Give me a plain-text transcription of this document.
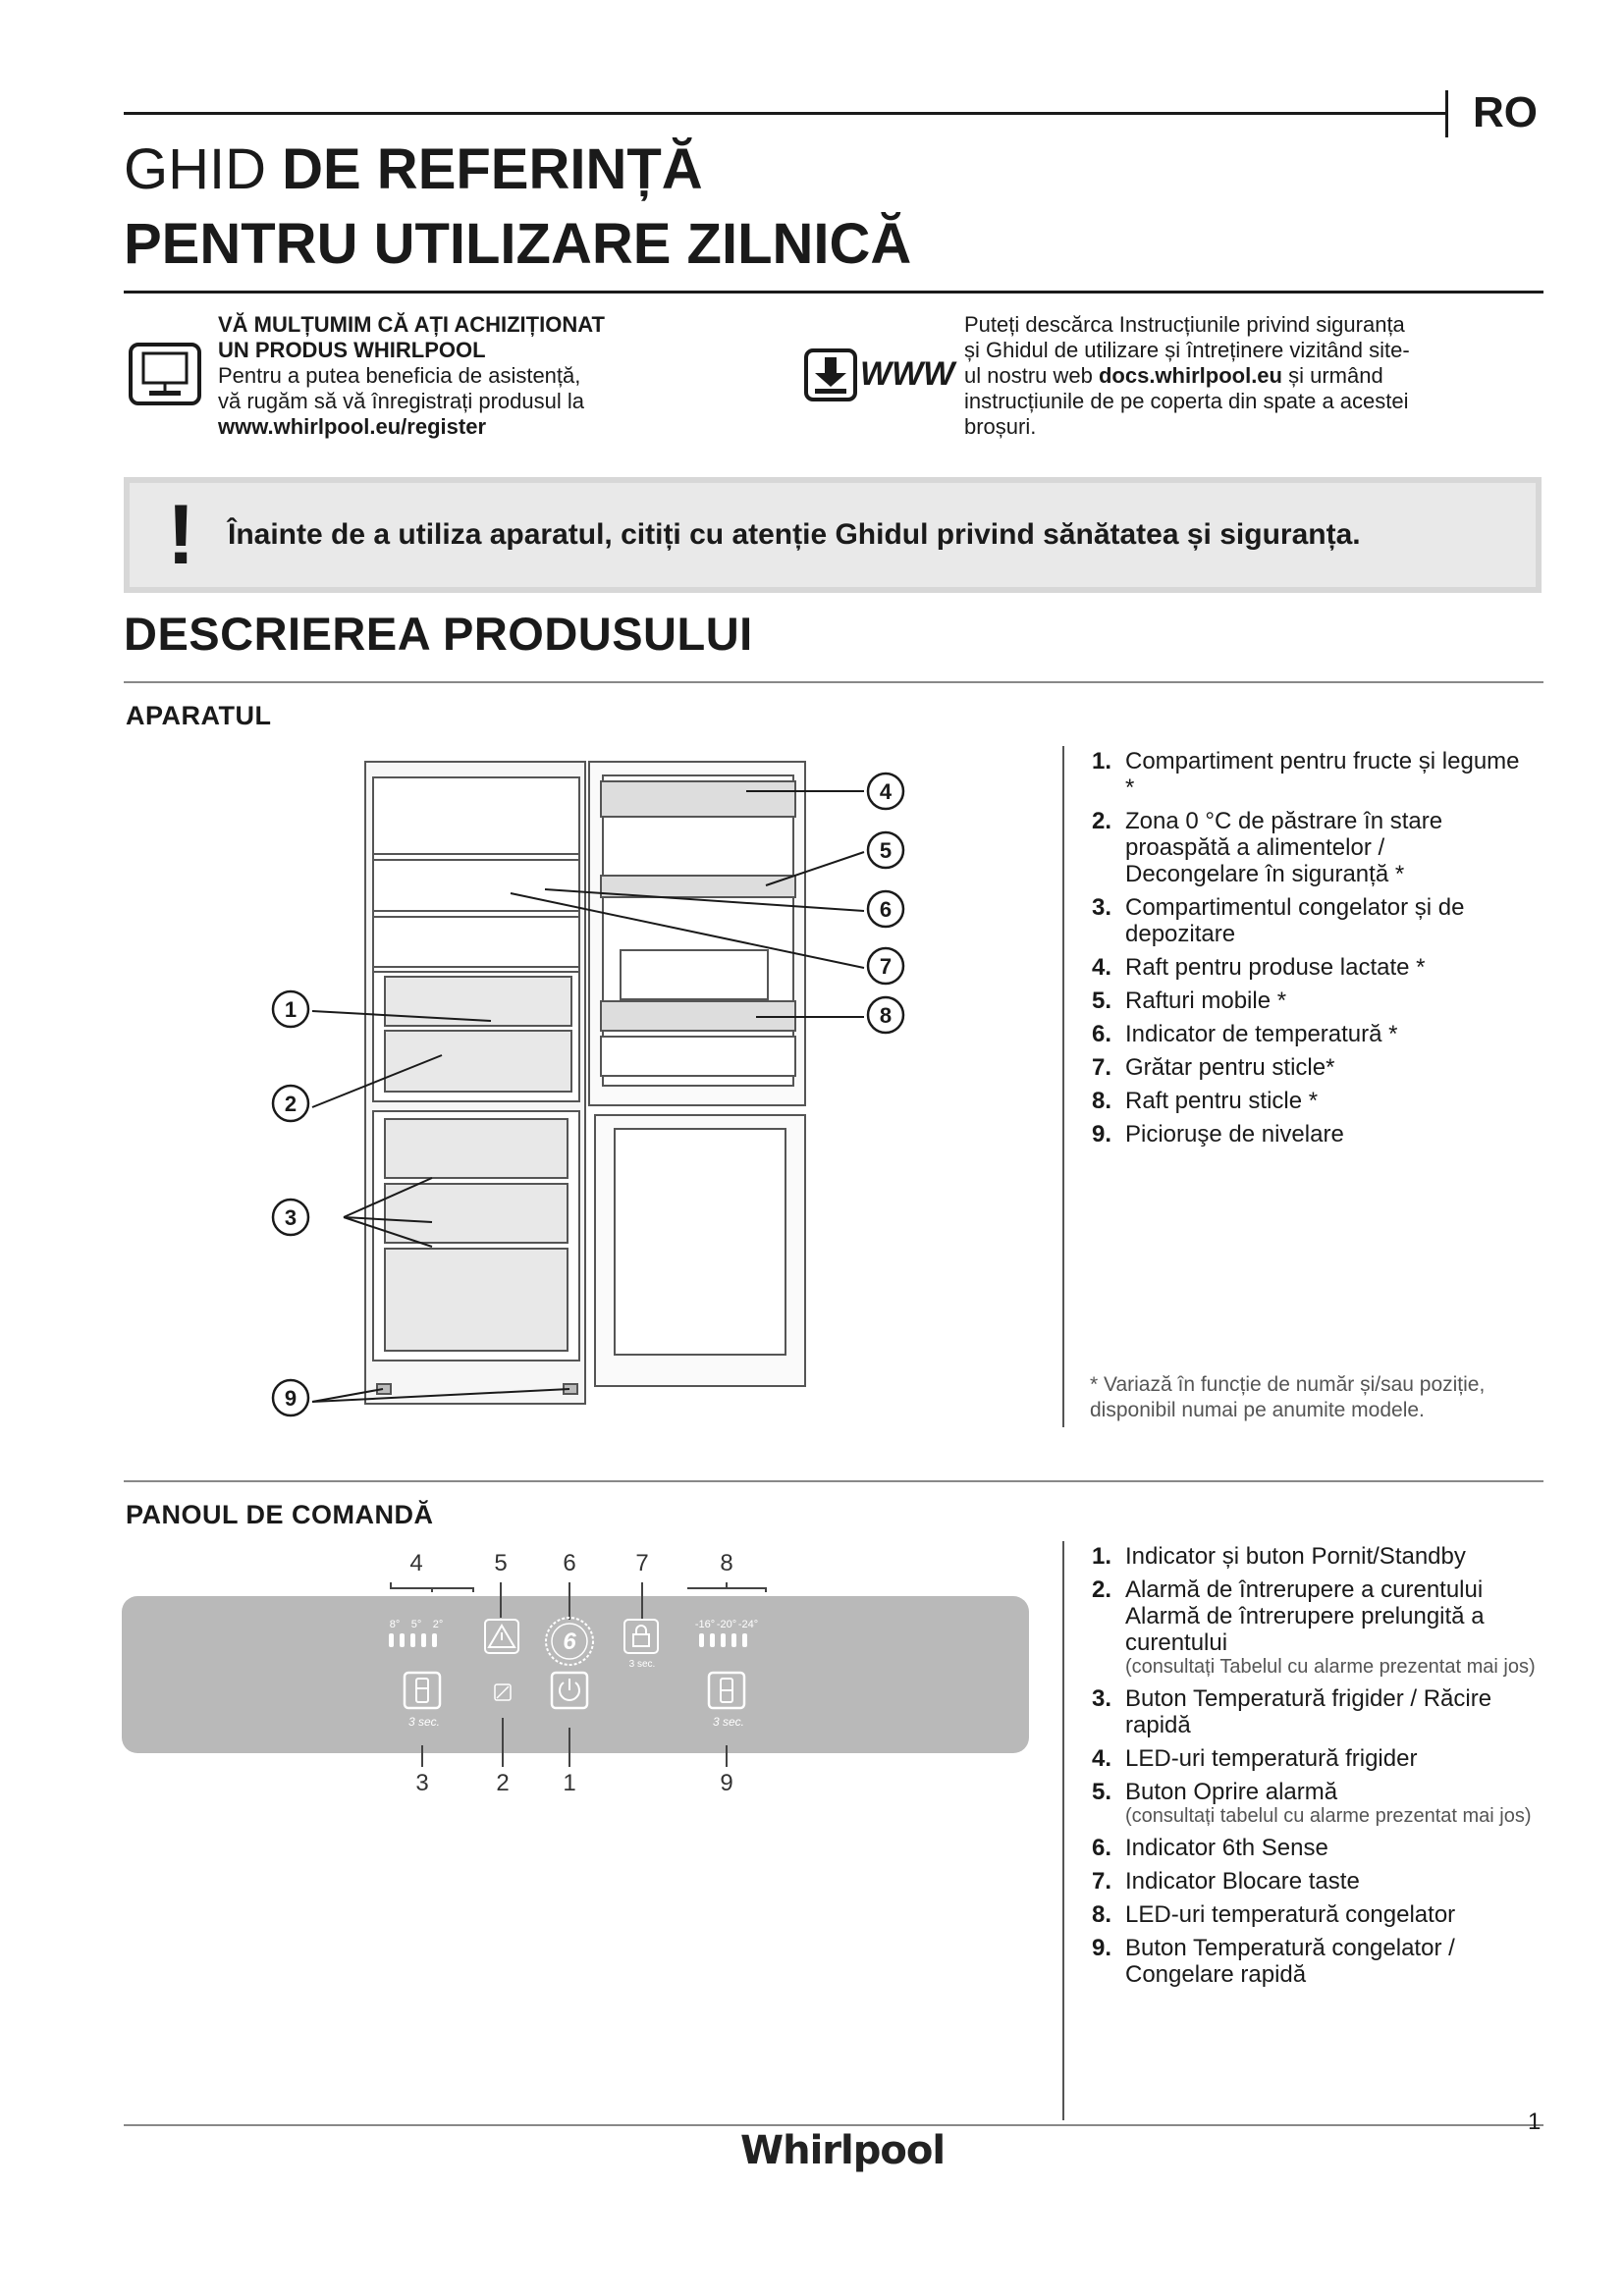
RO
GHID DE REFERINȚĂ
PENTRU UTILIZARE ZILNICĂ
VĂ MULȚUMIM CĂ AȚI ACHIZIȚIONAT
UN PRODUS WHIRLPOOL
Pentru a putea beneficia de asistență,
vă rugăm să vă înregistrați produsul la
www.whirlpool.eu/register
WWW
Puteți descărca Instrucțiunile privind siguranța
și Ghidul de utilizare și întreținere vizitând site-
ul nostru web docs.whirlpool.eu și urmând
instrucțiunile de pe coperta din spate a acestei
broșuri.
! Înainte de a utiliza aparatul, citiți cu atenție Ghidul privind sănătatea și siguranța.
DESCRIEREA PRODUSULUI
APARATUL
1
2
3
4
5
6
7
8
9
1. Compartiment pentru fructe și legume *
2. Zona 0 °C de păstrare în stare proaspătă a alimentelor / Decongelare în siguranță *
3. Compartimentul congelator și de depozitare
4. Raft pentru produse lactate *
5. Rafturi mobile *
6. Indicator de temperatură *
7. Grătar pentru sticle*
8. Raft pentru sticle *
9. Picioruşe de nivelare
* Variază în funcție de număr și/sau poziție,
disponibil numai pe anumite modele.
PANOUL DE COMANDĂ
4	5 6	7	8
3	2 1	9
8° 5° 2°	-16° -20° -24°
6
3 sec.
3 sec.	3 sec.
1. Indicator și buton Pornit/Standby
2. Alarmă de întrerupere a curentului Alarmă de întrerupere prelungită a curentului
(consultați Tabelul cu alarme prezentat mai jos)
3. Buton Temperatură frigider / Răcire rapidă
4. LED-uri temperatură frigider
5. Buton Oprire alarmă
(consultați tabelul cu alarme prezentat mai jos)
6. Indicator 6th Sense
7. Indicator Blocare taste
8. LED-uri temperatură congelator
9. Buton Temperatură congelator / Congelare rapidă
Whirlpool
1
